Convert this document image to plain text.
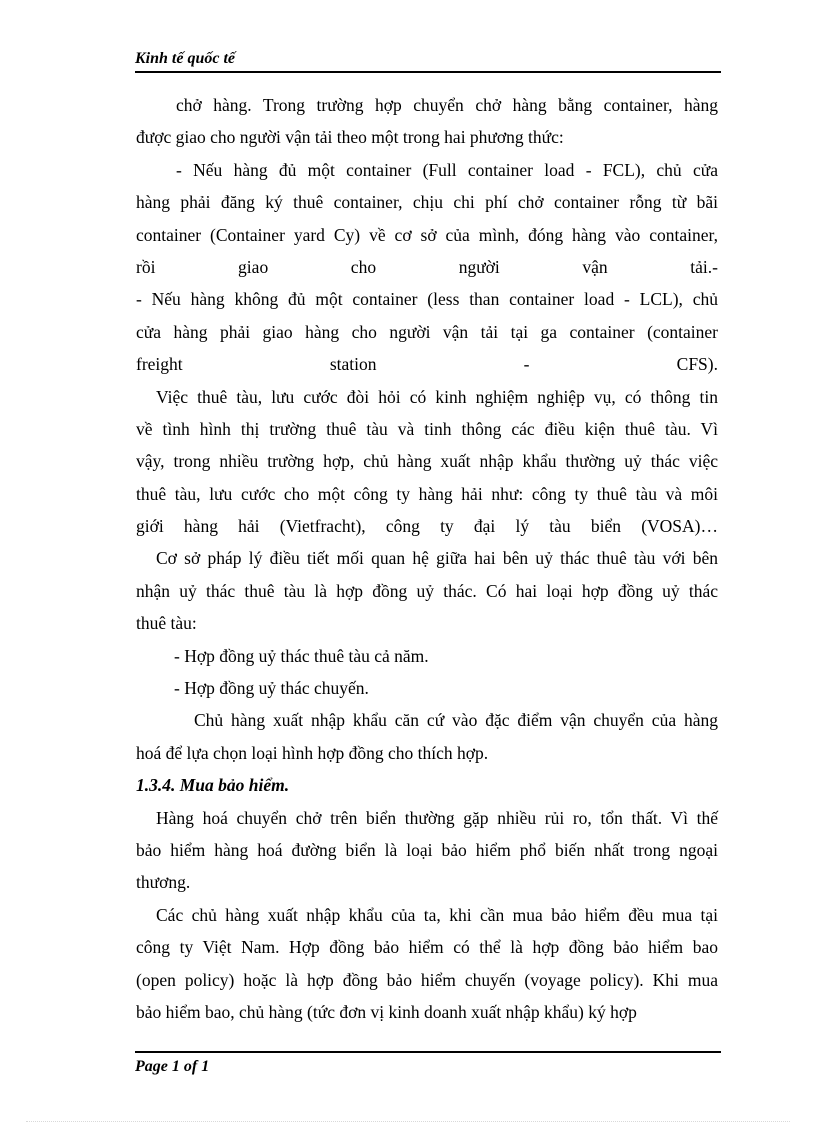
Kinh tế quốc tế
chở hàng. Trong trường hợp chuyển chở hàng bằng container, hàng
được giao cho người vận tải theo một trong hai phương thức:
- Nếu hàng đủ một container (Full container load - FCL), chủ cửa
hàng phải đăng ký thuê container, chịu chi phí chở container rỗng từ bãi
container (Container yard Cy) về cơ sở của mình, đóng hàng vào container,
rồi giao cho người vận tải.-
- Nếu hàng không đủ một container (less than container load - LCL), chủ
cửa hàng phải giao hàng cho người vận tải tại ga container (container
freight station - CFS).
Việc thuê tàu, lưu cước đòi hỏi có kinh nghiệm nghiệp vụ, có thông tin
về tình hình thị trường thuê tàu và tinh thông các điều kiện thuê tàu. Vì
vậy, trong nhiều trường hợp, chủ hàng xuất nhập khẩu thường uỷ thác việc
thuê tàu, lưu cước cho một công ty hàng hải như: công ty thuê tàu và môi
giới hàng hải (Vietfracht), công ty đại lý tàu biển (VOSA)…
Cơ sở pháp lý điều tiết mối quan hệ giữa hai bên uỷ thác thuê tàu với bên
nhận uỷ thác thuê tàu là hợp đồng uỷ thác. Có hai loại hợp đồng uỷ thác
thuê tàu:
- Hợp đồng uỷ thác thuê tàu cả năm.
- Hợp đồng uỷ thác chuyến.
Chủ hàng xuất nhập khẩu căn cứ vào đặc điểm vận chuyển của hàng
hoá để lựa chọn loại hình hợp đồng cho thích hợp.
1.3.4. Mua bảo hiểm.
Hàng hoá chuyển chở trên biển thường gặp nhiều rủi ro, tổn thất. Vì thế
bảo hiểm hàng hoá đường biển là loại bảo hiểm phổ biến nhất trong ngoại
thương.
Các chủ hàng xuất nhập khẩu của ta, khi cần mua bảo hiểm đều mua tại
công ty Việt Nam. Hợp đồng bảo hiểm có thể là hợp đồng bảo hiểm bao
(open policy) hoặc là hợp đồng bảo hiểm chuyến (voyage policy). Khi mua
bảo hiểm bao, chủ hàng (tức đơn vị kinh doanh xuất nhập khẩu) ký hợp
Page 1 of 1
